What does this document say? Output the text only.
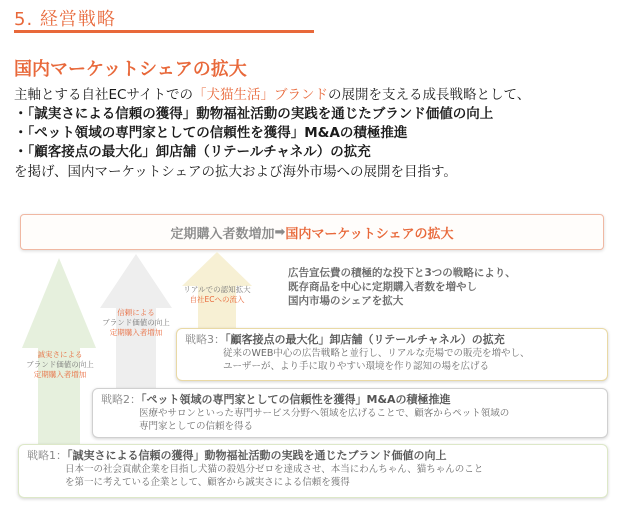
5. 経営戦略
国内マーケットシェアの拡大
主軸とする自社ECサイトでの「犬猫生活」ブランドの展開を支える成長戦略として、
・「誠実さによる信頼の獲得」動物福祉活動の実践を通じたブランド価値の向上
・「ペット領域の専門家としての信頼性を獲得」M&Aの積極推進
・「顧客接点の最大化」卸店舗（リテールチャネル）の拡充
を掲げ、国内マーケットシェアの拡大および海外市場への展開を目指す。
定期購入者数増加 ➡ 国内マーケットシェアの拡大
誠実さによる
ブランド価値の向上
定期購入者増加
信頼による
ブランド価値の向上
定期購入者増加
リアルでの認知拡大
自社ECへの流入
広告宣伝費の積極的な投下と3つの戦略により、
既存商品を中心に定期購入者数を増やし
国内市場のシェアを拡大
戦略3：「顧客接点の最大化」卸店舗（リテールチャネル）の拡充
従来のWEB中心の広告戦略と並行し、リアルな売場での販売を増やし、
ユーザーが、より手に取りやすい環境を作り認知の場を広げる
戦略2：「ペット領域の専門家としての信頼性を獲得」M&Aの積極推進
医療やサロンといった専門サービス分野へ領域を広げることで、顧客からペット領域の
専門家としての信頼を得る
戦略1：「誠実さによる信頼の獲得」動物福祉活動の実践を通じたブランド価値の向上
日本一の社会貢献企業を目指し犬猫の殺処分ゼロを達成させ、本当にわんちゃん、猫ちゃんのこと
を第一に考えている企業として、顧客から誠実さによる信頼を獲得
